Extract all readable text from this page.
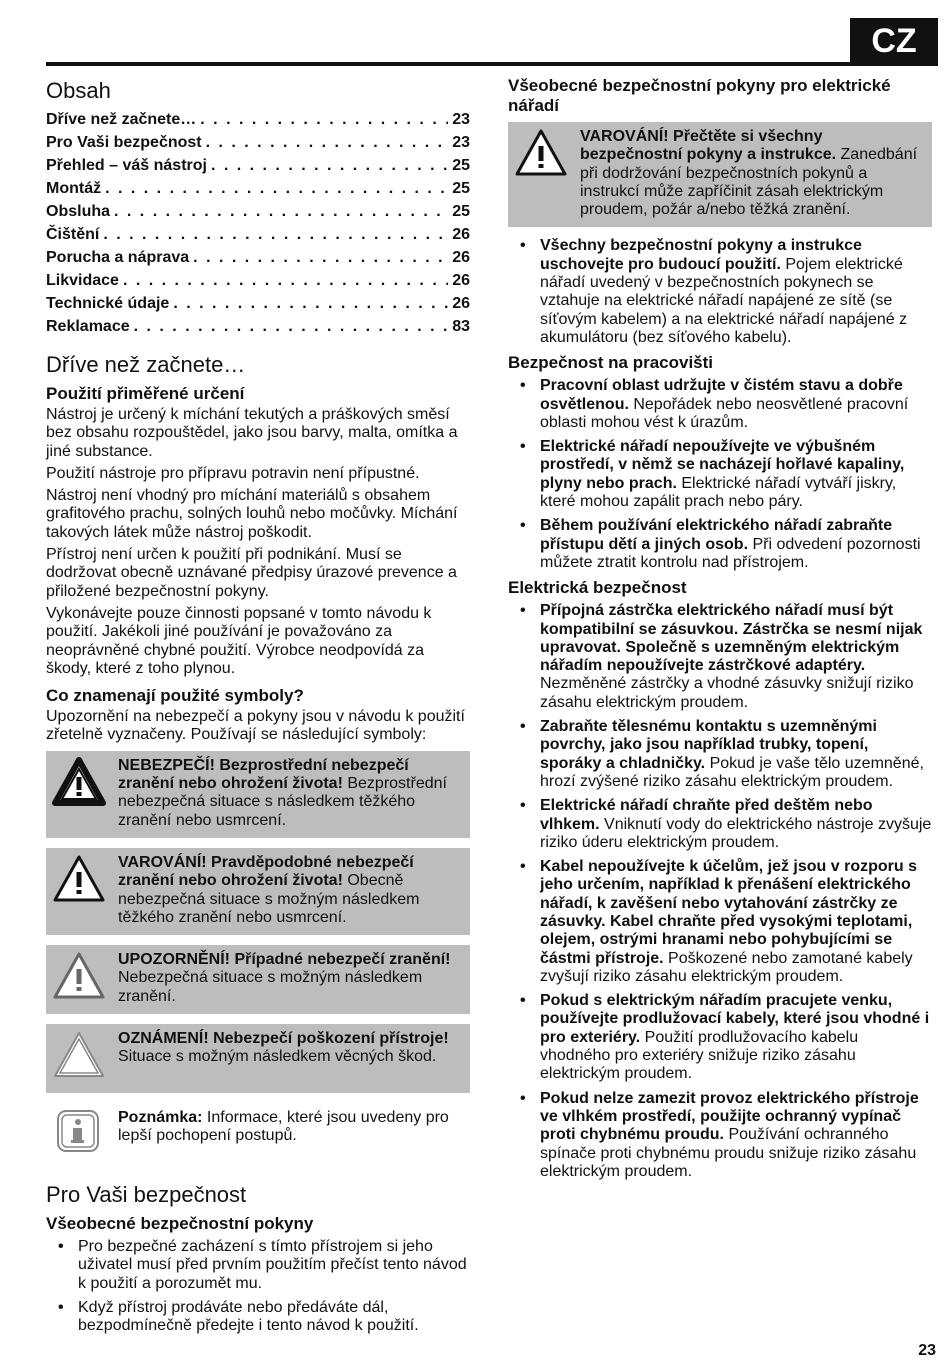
CZ
Obsah
Dříve než začnete… . . .	23
Pro Vaši bezpečnost . . .	23
Přehled – váš nástroj . . .	25
Montáž . . .	25
Obsluha . . .	25
Čištění . . .	26
Porucha a náprava . . .	26
Likvidace . . .	26
Technické údaje . . .	26
Reklamace . . .	83
Dříve než začnete…
Použití přiměřené určení

Nástroj je určený k míchání tekutých a práškových směsí bez obsahu rozpouštědel, jako jsou barvy, malta, omítka a jiné substance.

Použití nástroje pro přípravu potravin není přípustné.

Nástroj není vhodný pro míchání materiálů s obsahem grafitového prachu, solných louhů nebo močůvky. Míchání takových látek může nástroj poškodit.

Přístroj není určen k použití při podnikání. Musí se dodržovat obecně uznávané předpisy úrazové prevence a přiložené bezpečnostní pokyny.

Vykonávejte pouze činnosti popsané v tomto návodu k použití. Jakékoli jiné používání je považováno za neoprávněné chybné použití. Výrobce neodpovídá za škody, které z toho plynou.

Co znamenají použité symboly?

Upozornění na nebezpečí a pokyny jsou v návodu k použití zřetelně vyznačeny. Používají se následující symboly:

NEBEZPEČÍ! Bezprostřední nebezpečí zranění nebo ohrožení života! Bezprostřední nebezpečná situace s následkem těžkého zranění nebo usmrcení.
VAROVÁNÍ! Pravděpodobné nebezpečí zranění nebo ohrožení života! Obecně nebezpečná situace s možným následkem těžkého zranění nebo usmrcení.
UPOZORNĚNÍ! Případné nebezpečí zranění! Nebezpečná situace s možným následkem zranění.
OZNÁMENÍ! Nebezpečí poškození přístroje! Situace s možným následkem věcných škod.
Poznámka: Informace, které jsou uvedeny pro lepší pochopení postupů.
Pro Vaši bezpečnost
Všeobecné bezpečnostní pokyny
• Pro bezpečné zacházení s tímto přístrojem si jeho uživatel musí před prvním použitím přečíst tento návod k použití a porozumět mu.
• Když přístroj prodáváte nebo předáváte dál, bezpodmínečně předejte i tento návod k použití.
Všeobecné bezpečnostní pokyny pro elektrické nářadí
VAROVÁNÍ! Přečtěte si všechny bezpečnostní pokyny a instrukce. Zanedbání při dodržování bezpečnostních pokynů a instrukcí může zapříčinit zásah elektrickým proudem, požár a/nebo těžká zranění.
• Všechny bezpečnostní pokyny a instrukce uschovejte pro budoucí použití. Pojem elektrické nářadí uvedený v bezpečnostních pokynech se vztahuje na elektrické nářadí napájené ze sítě (se síťovým kabelem) a na elektrické nářadí napájené z akumulátoru (bez síťového kabelu).
Bezpečnost na pracovišti
• Pracovní oblast udržujte v čistém stavu a dobře osvětlenou. Nepořádek nebo neosvětlené pracovní oblasti mohou vést k úrazům.
• Elektrické nářadí nepoužívejte ve výbušném prostředí, v němž se nacházejí hořlavé kapaliny, plyny nebo prach. Elektrické nářadí vytváří jiskry, které mohou zapálit prach nebo páry.
• Během používání elektrického nářadí zabraňte přístupu dětí a jiných osob. Při odvedení pozornosti můžete ztratit kontrolu nad přístrojem.
Elektrická bezpečnost
• Přípojná zástrčka elektrického nářadí musí být kompatibilní se zásuvkou. Zástrčka se nesmí nijak upravovat. Společně s uzemněným elektrickým nářadím nepoužívejte zástrčkové adaptéry. Nezměněné zástrčky a vhodné zásuvky snižují riziko zásahu elektrickým proudem.
• Zabraňte tělesnému kontaktu s uzemněnými povrchy, jako jsou například trubky, topení, sporáky a chladničky. Pokud je vaše tělo uzemněné, hrozí zvýšené riziko zásahu elektrickým proudem.
• Elektrické nářadí chraňte před deštěm nebo vlhkem. Vniknutí vody do elektrického nástroje zvyšuje riziko úderu elektrickým proudem.
• Kabel nepoužívejte k účelům, jež jsou v rozporu s jeho určením, například k přenášení elektrického nářadí, k zavěšení nebo vytahování zástrčky ze zásuvky. Kabel chraňte před vysokými teplotami, olejem, ostrými hranami nebo pohybujícími se částmi přístroje. Poškozené nebo zamotané kabely zvyšují riziko zásahu elektrickým proudem.
• Pokud s elektrickým nářadím pracujete venku, používejte prodlužovací kabely, které jsou vhodné i pro exteriéry. Použití prodlužovacího kabelu vhodného pro exteriéry snižuje riziko zásahu elektrickým proudem.
• Pokud nelze zamezit provoz elektrického přístroje ve vlhkém prostředí, použijte ochranný vypínač proti chybnému proudu. Používání ochranného spínače proti chybnému proudu snižuje riziko zásahu elektrickým proudem.
23
